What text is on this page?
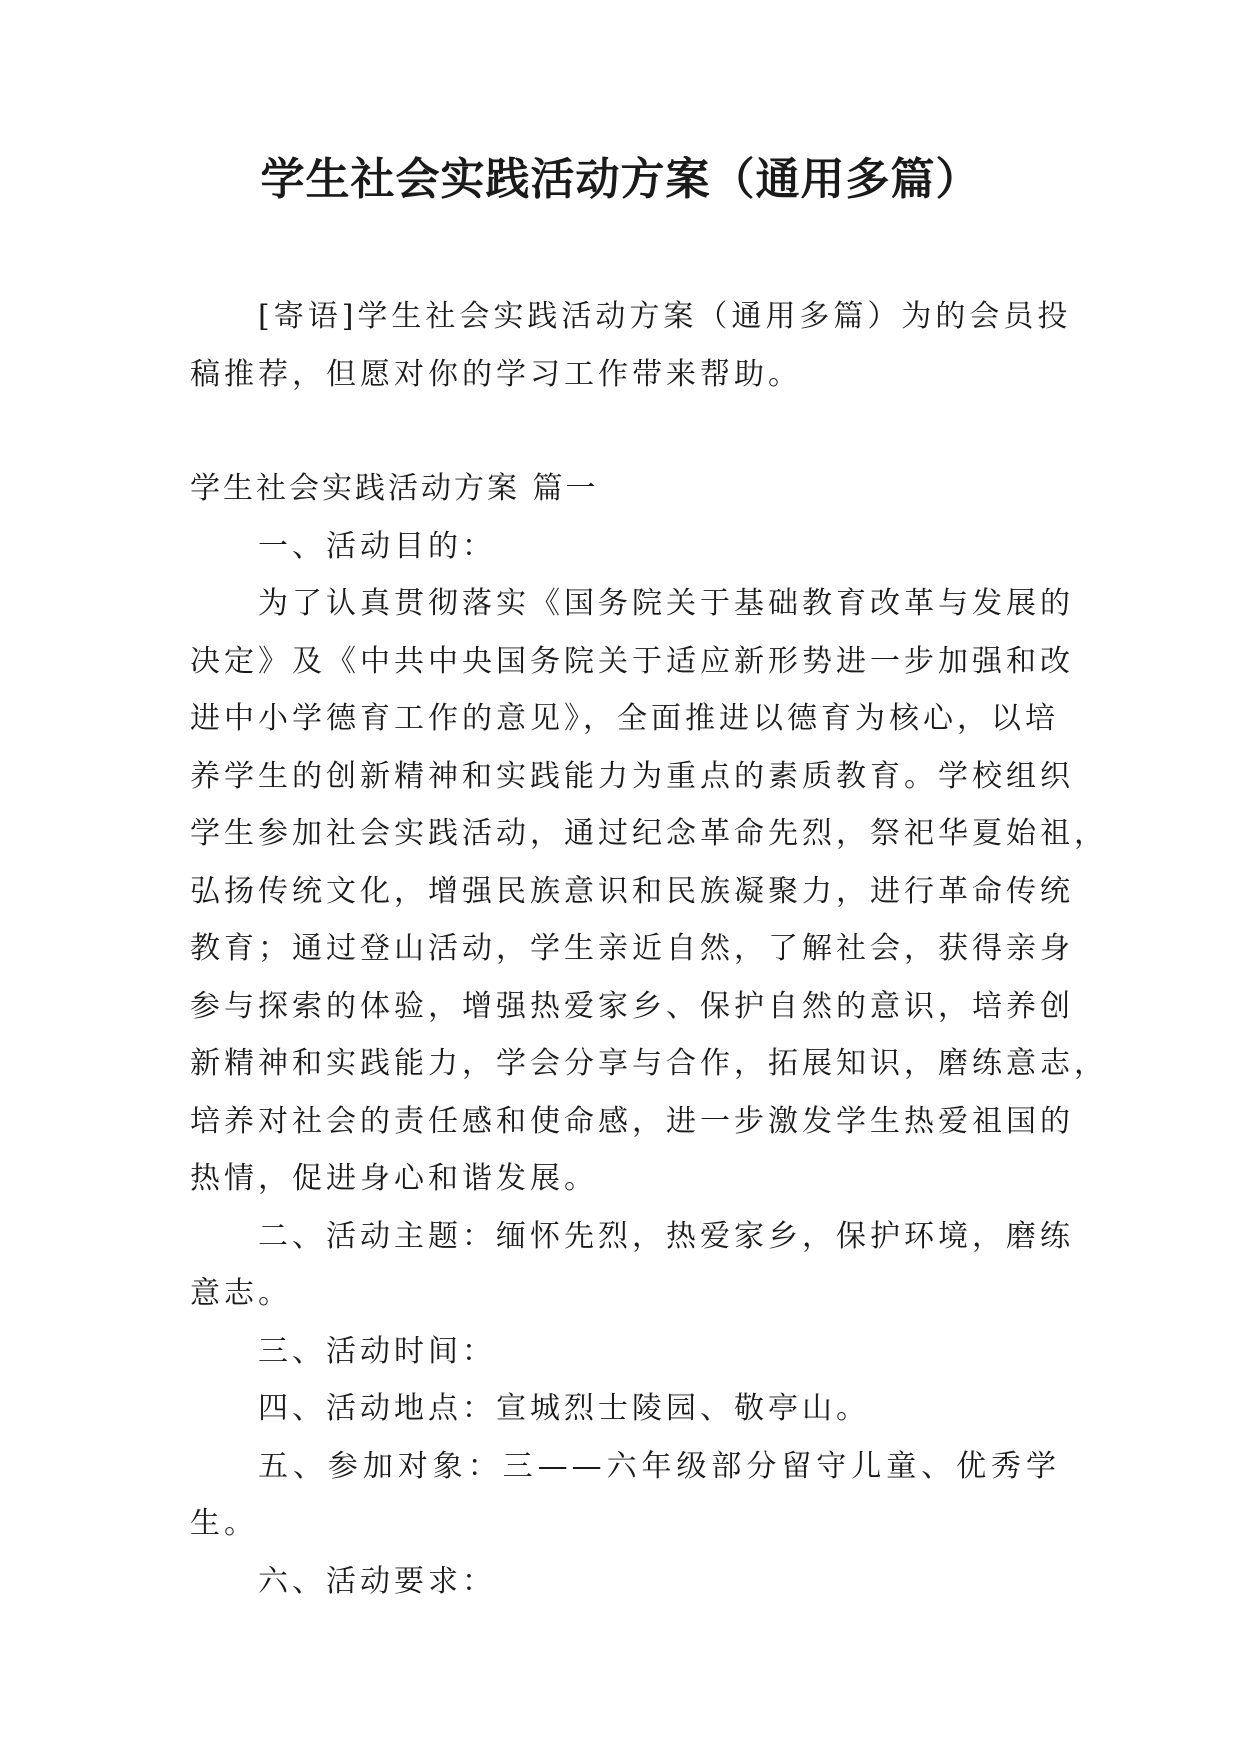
学生社会实践活动方案（通用多篇）

[寄语]学生社会实践活动方案（通用多篇）为的会员投
稿推荐，但愿对你的学习工作带来帮助。

学生社会实践活动方案 篇一

一、活动目的：

为了认真贯彻落实《国务院关于基础教育改革与发展的
决定》及《中共中央国务院关于适应新形势进一步加强和改
进中小学德育工作的意见》，全面推进以德育为核心，以培
养学生的创新精神和实践能力为重点的素质教育。学校组织
学生参加社会实践活动，通过纪念革命先烈，祭祀华夏始祖，
弘扬传统文化，增强民族意识和民族凝聚力，进行革命传统
教育；通过登山活动，学生亲近自然，了解社会，获得亲身
参与探索的体验，增强热爱家乡、保护自然的意识，培养创
新精神和实践能力，学会分享与合作，拓展知识，磨练意志，
培养对社会的责任感和使命感，进一步激发学生热爱祖国的
热情，促进身心和谐发展。

二、活动主题：缅怀先烈，热爱家乡，保护环境，磨练
意志。

三、活动时间：

四、活动地点：宣城烈士陵园、敬亭山。

五、参加对象：三——六年级部分留守儿童、优秀学生。

六、活动要求：
